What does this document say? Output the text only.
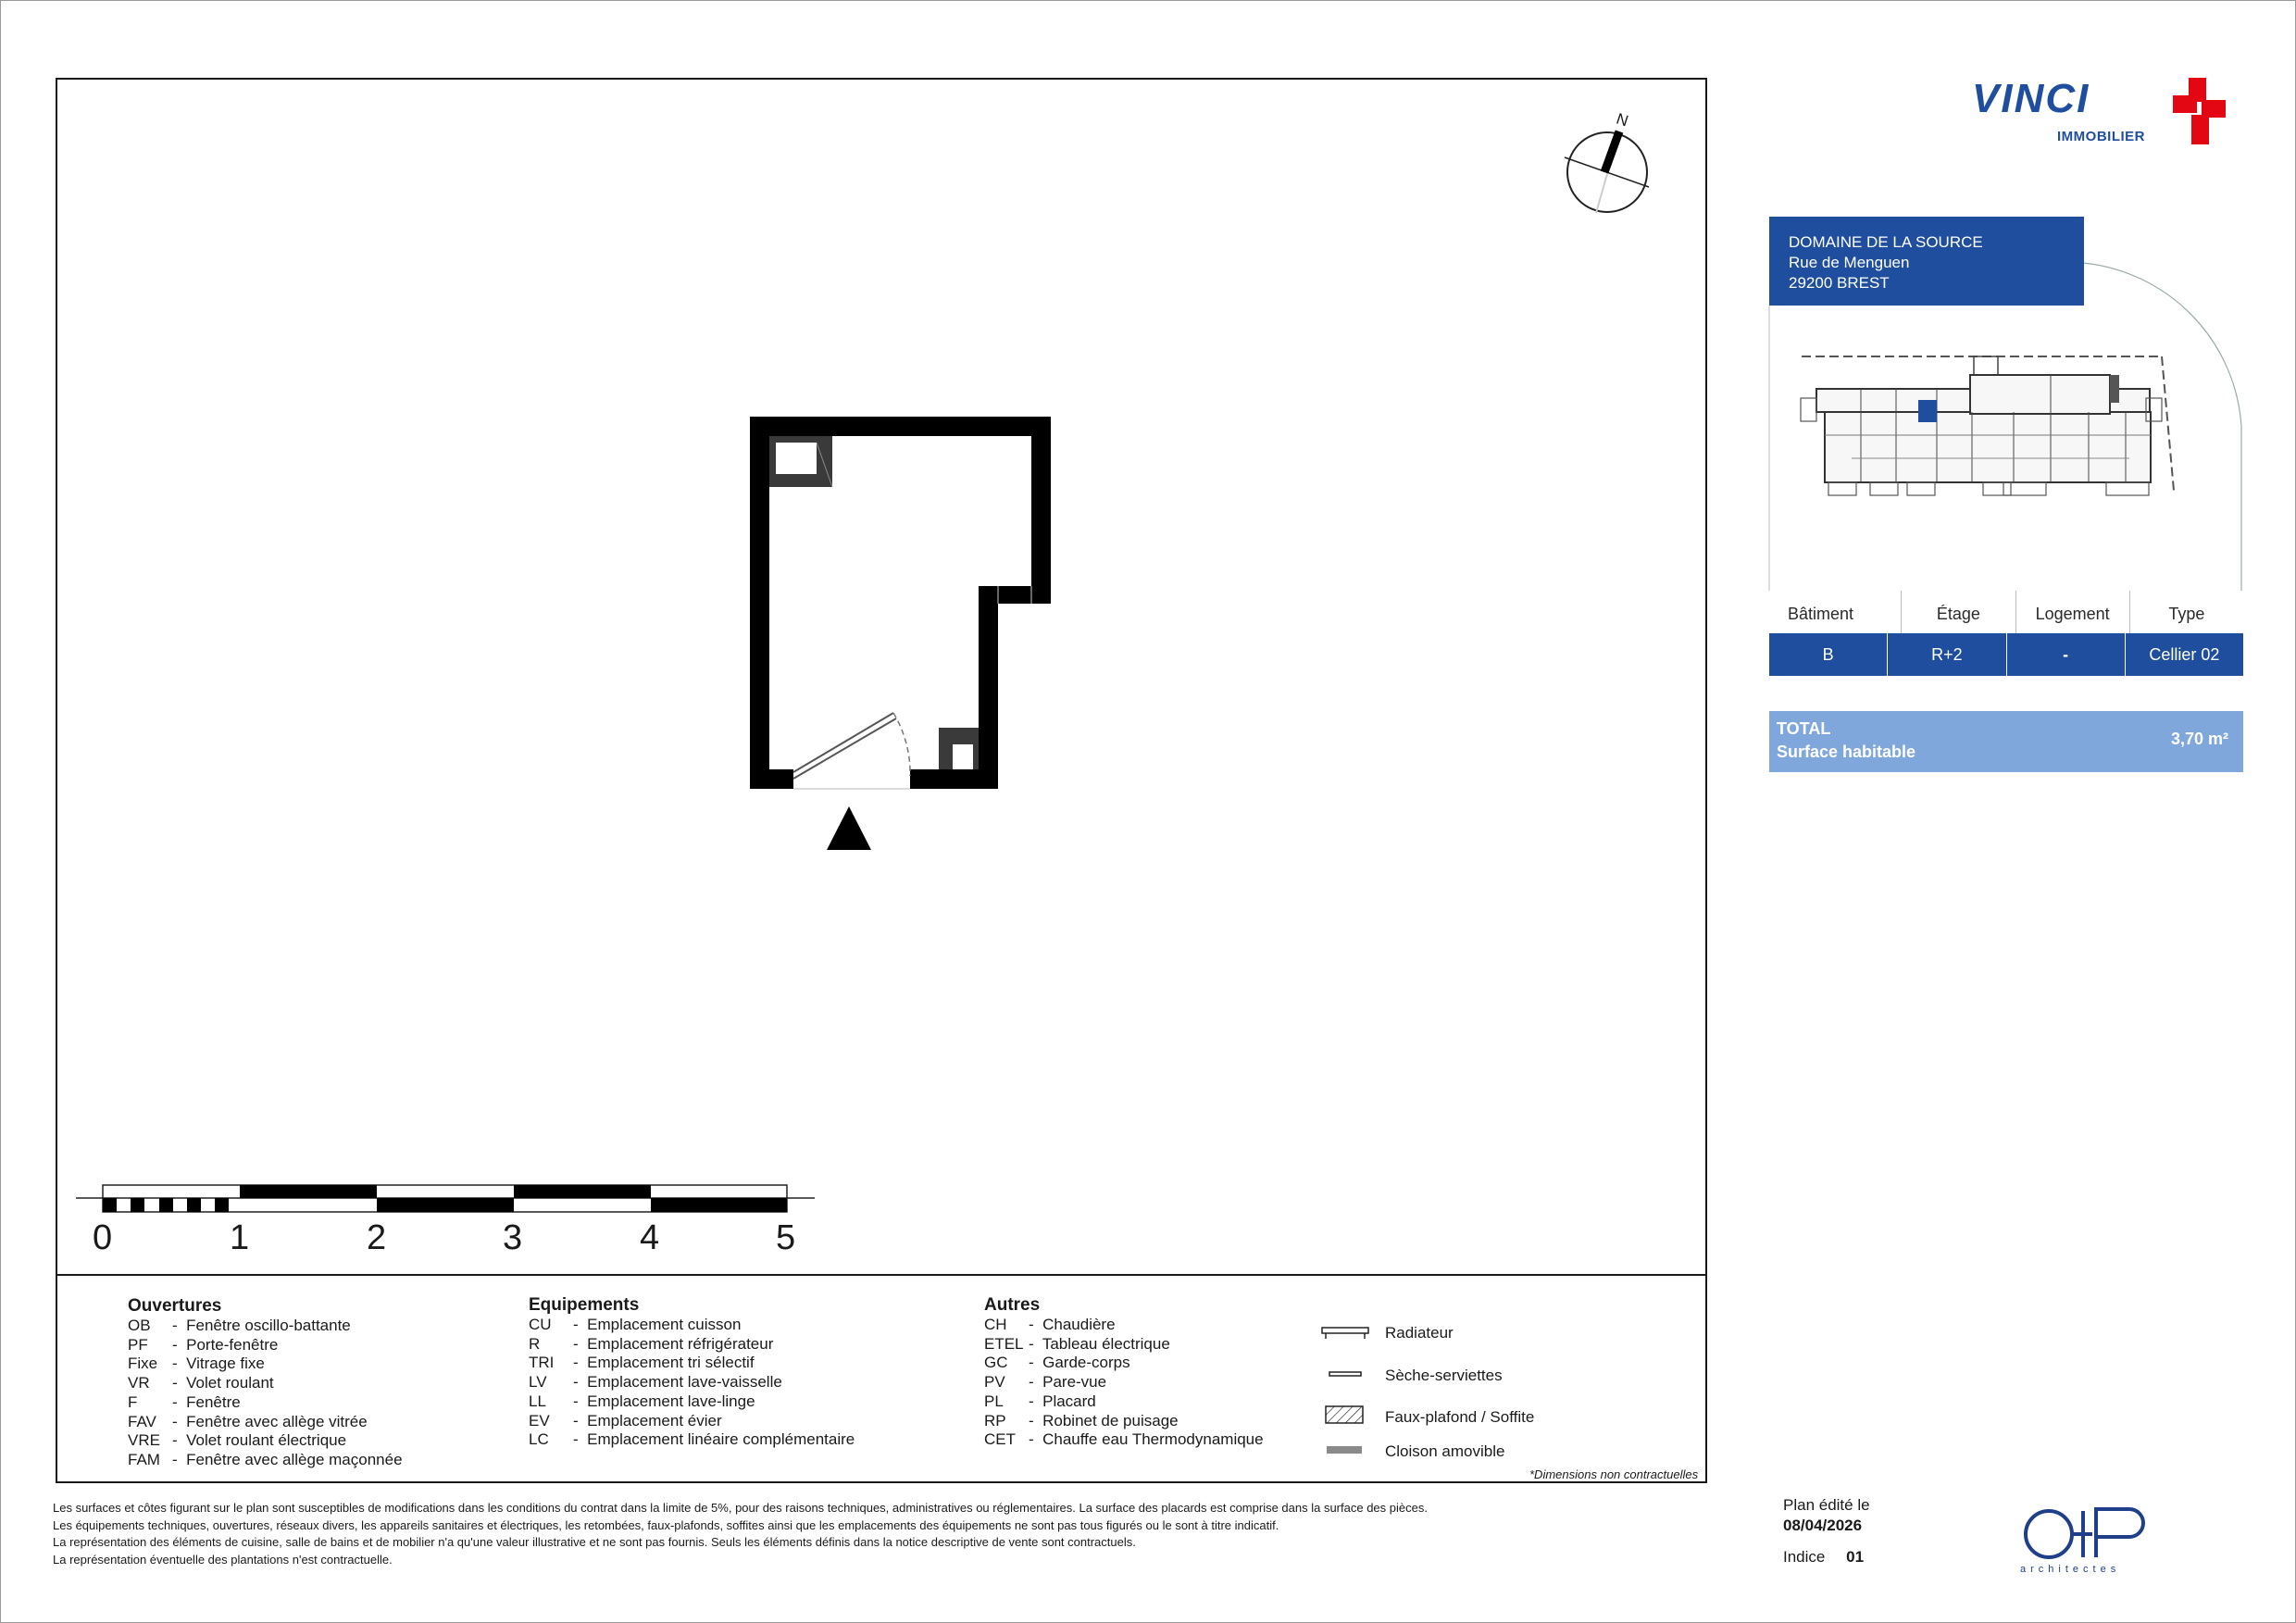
N
0	1	2	3	4	5
VINCI
IMMOBILIER
DOMAINE DE LA SOURCE
Rue de Menguen
29200 BREST
Bâtiment	Étage	Logement	Type
B	R+2	-	Cellier 02
TOTAL
Surface habitable
3,70 m²
Ouvertures
OB -  Fenêtre oscillo-battante
PF -  Porte-fenêtre
Fixe -  Vitrage fixe
VR -  Volet roulant
F -  Fenêtre
FAV -  Fenêtre avec allège vitrée
VRE -  Volet roulant électrique
FAM -  Fenêtre avec allège maçonnée
Equipements
CU -  Emplacement cuisson
R -  Emplacement réfrigérateur
TRI -  Emplacement tri sélectif
LV -  Emplacement lave-vaisselle
LL -  Emplacement lave-linge
EV -  Emplacement évier
LC -  Emplacement linéaire complémentaire
Autres
CH -  Chaudière
ETEL -  Tableau électrique
GC -  Garde-corps
PV -  Pare-vue
PL -  Placard
RP -  Robinet de puisage
CET -  Chauffe eau Thermodynamique
Radiateur
Sèche-serviettes
Faux-plafond / Soffite
Cloison amovible
*Dimensions non contractuelles
Les surfaces et côtes figurant sur le plan sont susceptibles de modifications dans les conditions du contrat dans la limite de 5%, pour des raisons techniques, administratives ou réglementaires. La surface des placards est comprise dans la surface des pièces.
Les équipements techniques, ouvertures, réseaux divers, les appareils sanitaires et électriques, les retombées, faux-plafonds, soffites ainsi que les emplacements des équipements ne sont pas tous figurés ou le sont à titre indicatif.
La représentation des éléments de cuisine, salle de bains et de mobilier n'a qu'une valeur illustrative et ne sont pas fournis. Seuls les éléments définis dans la notice descriptive de vente sont contractuels.
La représentation éventuelle des plantations n'est contractuelle.
Plan édité le
08/04/2026
Indice 01
architectes
